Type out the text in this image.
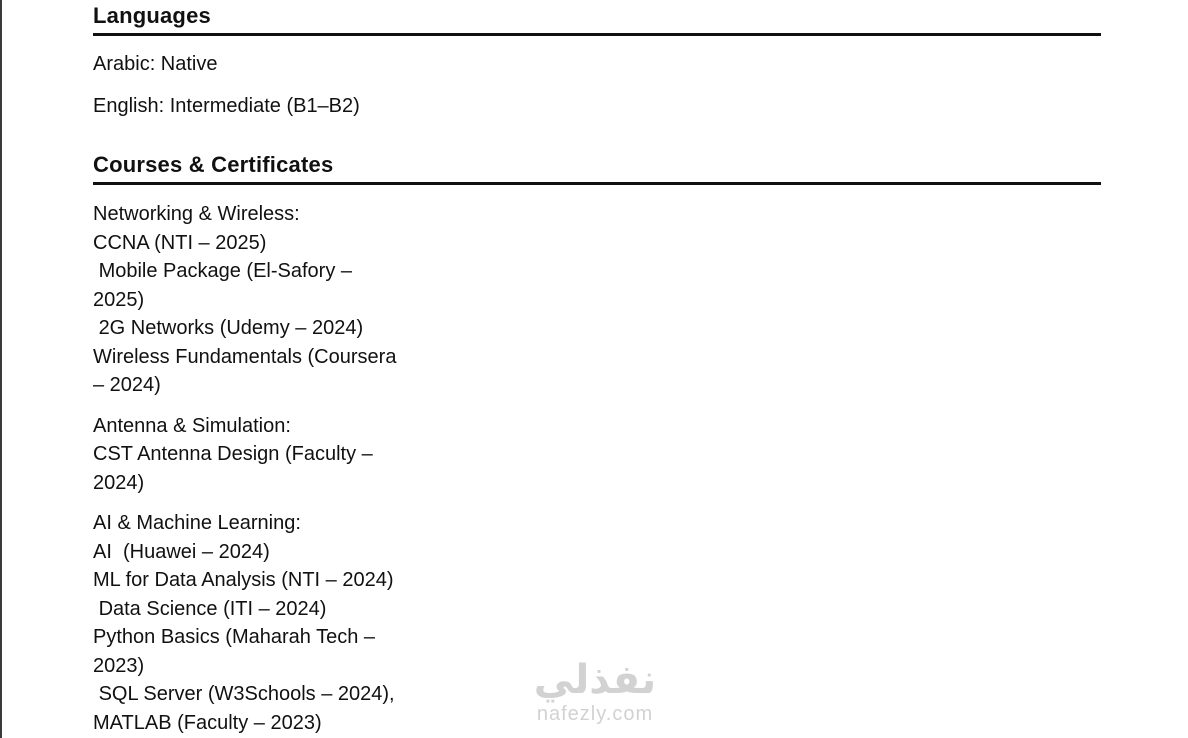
Languages

Arabic: Native

English: Intermediate (B1–B2)

Courses & Certificates
Networking & Wireless:
CCNA (NTI – 2025)
Mobile Package (El-Safory –
2025)
2G Networks (Udemy – 2024)
Wireless Fundamentals (Coursera
– 2024)
Antenna & Simulation:
CST Antenna Design (Faculty –
2024)
AI & Machine Learning:
AI  (Huawei – 2024)
ML for Data Analysis (NTI – 2024)
Data Science (ITI – 2024)
Python Basics (Maharah Tech –
2023)
SQL Server (W3Schools – 2024),
MATLAB (Faculty – 2023)
نفذلي
nafezly.com
